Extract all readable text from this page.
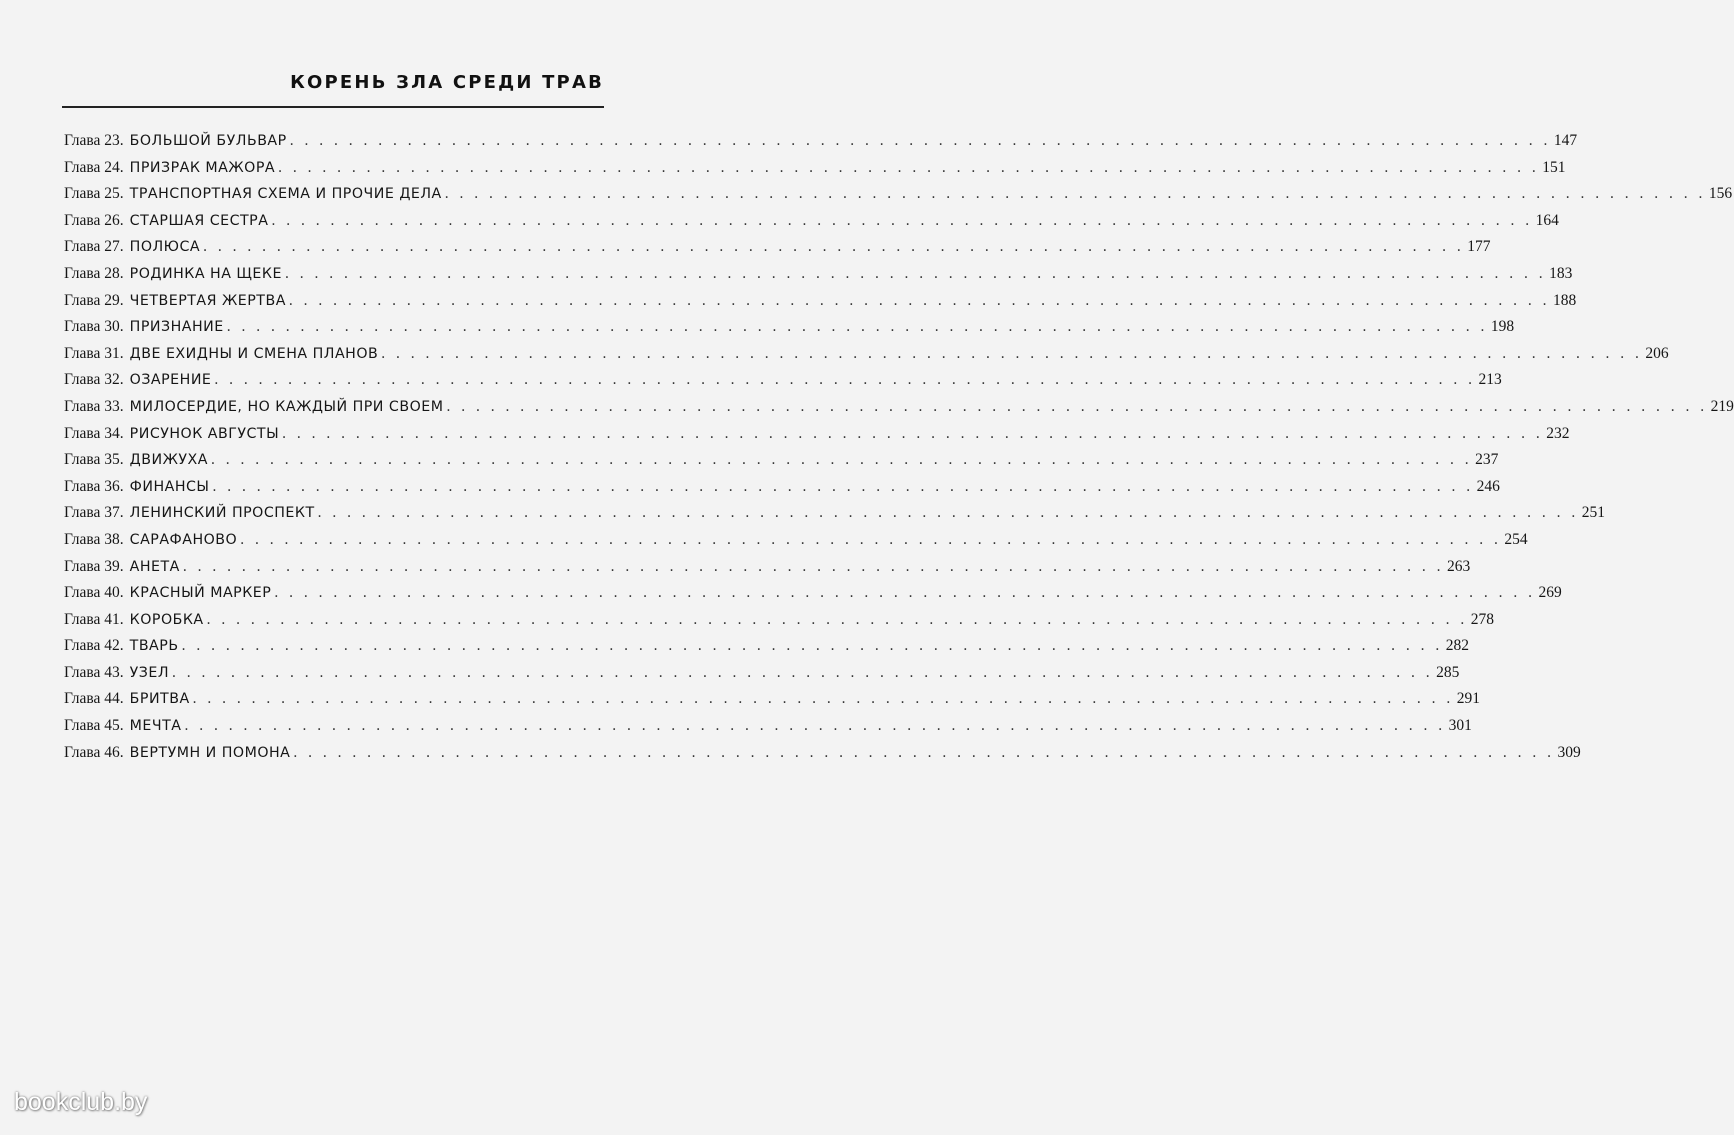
КОРЕНЬ ЗЛА СРЕДИ ТРАВ
Глава 23. БОЛЬШОЙ БУЛЬВАР . . . . . . . . . . . . . . . . . . . . . . . . . . . . . . . . . . . . . . . . . . . . . . . . . . . . . . . . . . . . . . . . . . . . . . . . . . . . . . . . . . . . . . 147
Глава 24. ПРИЗРАК МАЖОРА . . . . . . . . . . . . . . . . . . . . . . . . . . . . . . . . . . . . . . . . . . . . . . . . . . . . . . . . . . . . . . . . . . . . . . . . . . . . . . . . . . . . . . 151
Глава 25. ТРАНСПОРТНАЯ СХЕМА И ПРОЧИЕ ДЕЛА . . . . . . . . . . . . . . . . . . . . . . . . . . . . . . . . . . . . . . . . . . . . . . . . . . . . . . . . . . . . . . . . . . . . . . . . . . . . . . . . . . . . . . 156
Глава 26. СТАРШАЯ СЕСТРА . . . . . . . . . . . . . . . . . . . . . . . . . . . . . . . . . . . . . . . . . . . . . . . . . . . . . . . . . . . . . . . . . . . . . . . . . . . . . . . . . . . . . . 164
Глава 27. ПОЛЮСА . . . . . . . . . . . . . . . . . . . . . . . . . . . . . . . . . . . . . . . . . . . . . . . . . . . . . . . . . . . . . . . . . . . . . . . . . . . . . . . . . . . . . . 177
Глава 28. РОДИНКА НА ЩЕКЕ . . . . . . . . . . . . . . . . . . . . . . . . . . . . . . . . . . . . . . . . . . . . . . . . . . . . . . . . . . . . . . . . . . . . . . . . . . . . . . . . . . . . . . 183
Глава 29. ЧЕТВЕРТАЯ ЖЕРТВА . . . . . . . . . . . . . . . . . . . . . . . . . . . . . . . . . . . . . . . . . . . . . . . . . . . . . . . . . . . . . . . . . . . . . . . . . . . . . . . . . . . . . . 188
Глава 30. ПРИЗНАНИЕ . . . . . . . . . . . . . . . . . . . . . . . . . . . . . . . . . . . . . . . . . . . . . . . . . . . . . . . . . . . . . . . . . . . . . . . . . . . . . . . . . . . . . . 198
Глава 31. ДВЕ ЕХИДНЫ И СМЕНА ПЛАНОВ . . . . . . . . . . . . . . . . . . . . . . . . . . . . . . . . . . . . . . . . . . . . . . . . . . . . . . . . . . . . . . . . . . . . . . . . . . . . . . . . . . . . . . 206
Глава 32. ОЗАРЕНИЕ . . . . . . . . . . . . . . . . . . . . . . . . . . . . . . . . . . . . . . . . . . . . . . . . . . . . . . . . . . . . . . . . . . . . . . . . . . . . . . . . . . . . . . 213
Глава 33. МИЛОСЕРДИЕ, НО КАЖДЫЙ ПРИ СВОЕМ . . . . . . . . . . . . . . . . . . . . . . . . . . . . . . . . . . . . . . . . . . . . . . . . . . . . . . . . . . . . . . . . . . . . . . . . . . . . . . . . . . . . . . 219
Глава 34. РИСУНОК АВГУСТЫ . . . . . . . . . . . . . . . . . . . . . . . . . . . . . . . . . . . . . . . . . . . . . . . . . . . . . . . . . . . . . . . . . . . . . . . . . . . . . . . . . . . . . . 232
Глава 35. ДВИЖУХА . . . . . . . . . . . . . . . . . . . . . . . . . . . . . . . . . . . . . . . . . . . . . . . . . . . . . . . . . . . . . . . . . . . . . . . . . . . . . . . . . . . . . . 237
Глава 36. ФИНАНСЫ . . . . . . . . . . . . . . . . . . . . . . . . . . . . . . . . . . . . . . . . . . . . . . . . . . . . . . . . . . . . . . . . . . . . . . . . . . . . . . . . . . . . . . 246
Глава 37. ЛЕНИНСКИЙ ПРОСПЕКТ . . . . . . . . . . . . . . . . . . . . . . . . . . . . . . . . . . . . . . . . . . . . . . . . . . . . . . . . . . . . . . . . . . . . . . . . . . . . . . . . . . . . . . 251
Глава 38. САРАФАНОВО . . . . . . . . . . . . . . . . . . . . . . . . . . . . . . . . . . . . . . . . . . . . . . . . . . . . . . . . . . . . . . . . . . . . . . . . . . . . . . . . . . . . . . 254
Глава 39. АНЕТА . . . . . . . . . . . . . . . . . . . . . . . . . . . . . . . . . . . . . . . . . . . . . . . . . . . . . . . . . . . . . . . . . . . . . . . . . . . . . . . . . . . . . . 263
Глава 40. КРАСНЫЙ МАРКЕР . . . . . . . . . . . . . . . . . . . . . . . . . . . . . . . . . . . . . . . . . . . . . . . . . . . . . . . . . . . . . . . . . . . . . . . . . . . . . . . . . . . . . . 269
Глава 41. КОРОБКА . . . . . . . . . . . . . . . . . . . . . . . . . . . . . . . . . . . . . . . . . . . . . . . . . . . . . . . . . . . . . . . . . . . . . . . . . . . . . . . . . . . . . . 278
Глава 42. ТВАРЬ . . . . . . . . . . . . . . . . . . . . . . . . . . . . . . . . . . . . . . . . . . . . . . . . . . . . . . . . . . . . . . . . . . . . . . . . . . . . . . . . . . . . . . 282
Глава 43. УЗЕЛ . . . . . . . . . . . . . . . . . . . . . . . . . . . . . . . . . . . . . . . . . . . . . . . . . . . . . . . . . . . . . . . . . . . . . . . . . . . . . . . . . . . . . . 285
Глава 44. БРИТВА . . . . . . . . . . . . . . . . . . . . . . . . . . . . . . . . . . . . . . . . . . . . . . . . . . . . . . . . . . . . . . . . . . . . . . . . . . . . . . . . . . . . . . 291
Глава 45. МЕЧТА . . . . . . . . . . . . . . . . . . . . . . . . . . . . . . . . . . . . . . . . . . . . . . . . . . . . . . . . . . . . . . . . . . . . . . . . . . . . . . . . . . . . . . 301
Глава 46. ВЕРТУМН И ПОМОНА . . . . . . . . . . . . . . . . . . . . . . . . . . . . . . . . . . . . . . . . . . . . . . . . . . . . . . . . . . . . . . . . . . . . . . . . . . . . . . . . . . . . . . 309
bookclub.by
